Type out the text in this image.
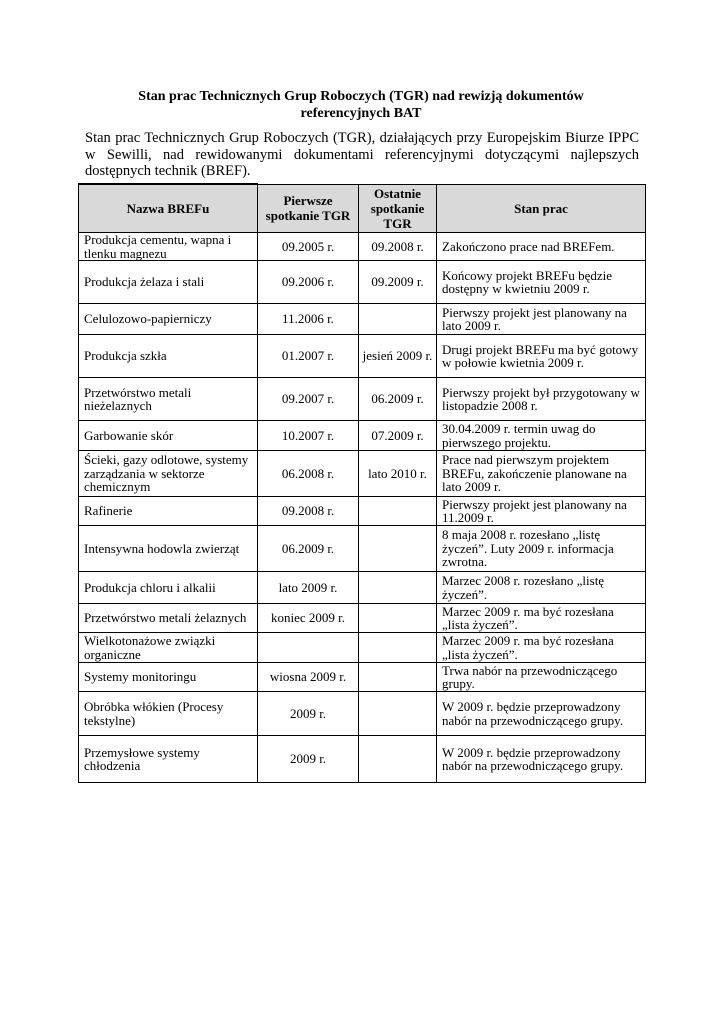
Stan prac Technicznych Grup Roboczych (TGR) nad rewizją dokumentów
referencyjnych BAT

Stan prac Technicznych Grup Roboczych (TGR), działających przy Europejskim Biurze IPPC w Sewilli, nad rewidowanymi dokumentami referencyjnymi dotyczącymi najlepszych dostępnych technik (BREF).

Nazwa BREFu	Pierwsze spotkanie TGR	Ostatnie spotkanie TGR	Stan prac
Produkcja cementu, wapna i tlenku magnezu	09.2005 r.	09.2008 r.	Zakończono prace nad BREFem.
Produkcja żelaza i stali	09.2006 r.	09.2009 r.	Końcowy projekt BREFu będzie dostępny w kwietniu 2009 r.
Celulozowo-papierniczy	11.2006 r.		Pierwszy projekt jest planowany na lato 2009 r.
Produkcja szkła	01.2007 r.	jesień 2009 r.	Drugi projekt BREFu ma być gotowy w połowie kwietnia 2009 r.
Przetwórstwo metali nieżelaznych	09.2007 r.	06.2009 r.	Pierwszy projekt był przygotowany w listopadzie 2008 r.
Garbowanie skór	10.2007 r.	07.2009 r.	30.04.2009 r. termin uwag do pierwszego projektu.
Ścieki, gazy odlotowe, systemy zarządzania w sektorze chemicznym	06.2008 r.	lato 2010 r.	Prace nad pierwszym projektem BREFu, zakończenie planowane na lato 2009 r.
Rafinerie	09.2008 r.		Pierwszy projekt jest planowany na 11.2009 r.
Intensywna hodowla zwierząt	06.2009 r.		8 maja 2008 r. rozesłano „listę życzeń”. Luty 2009 r. informacja zwrotna.
Produkcja chloru i alkalii	lato 2009 r.		Marzec 2008 r. rozesłano „listę życzeń”.
Przetwórstwo metali żelaznych	koniec 2009 r.		Marzec 2009 r. ma być rozesłana „lista życzeń”.
Wielkotonażowe związki organiczne			Marzec 2009 r. ma być rozesłana „lista życzeń”.
Systemy monitoringu	wiosna 2009 r.		Trwa nabór na przewodniczącego grupy.
Obróbka włókien (Procesy tekstylne)	2009 r.		W 2009 r. będzie przeprowadzony nabór na przewodniczącego grupy.
Przemysłowe systemy chłodzenia	2009 r.		W 2009 r. będzie przeprowadzony nabór na przewodniczącego grupy.
